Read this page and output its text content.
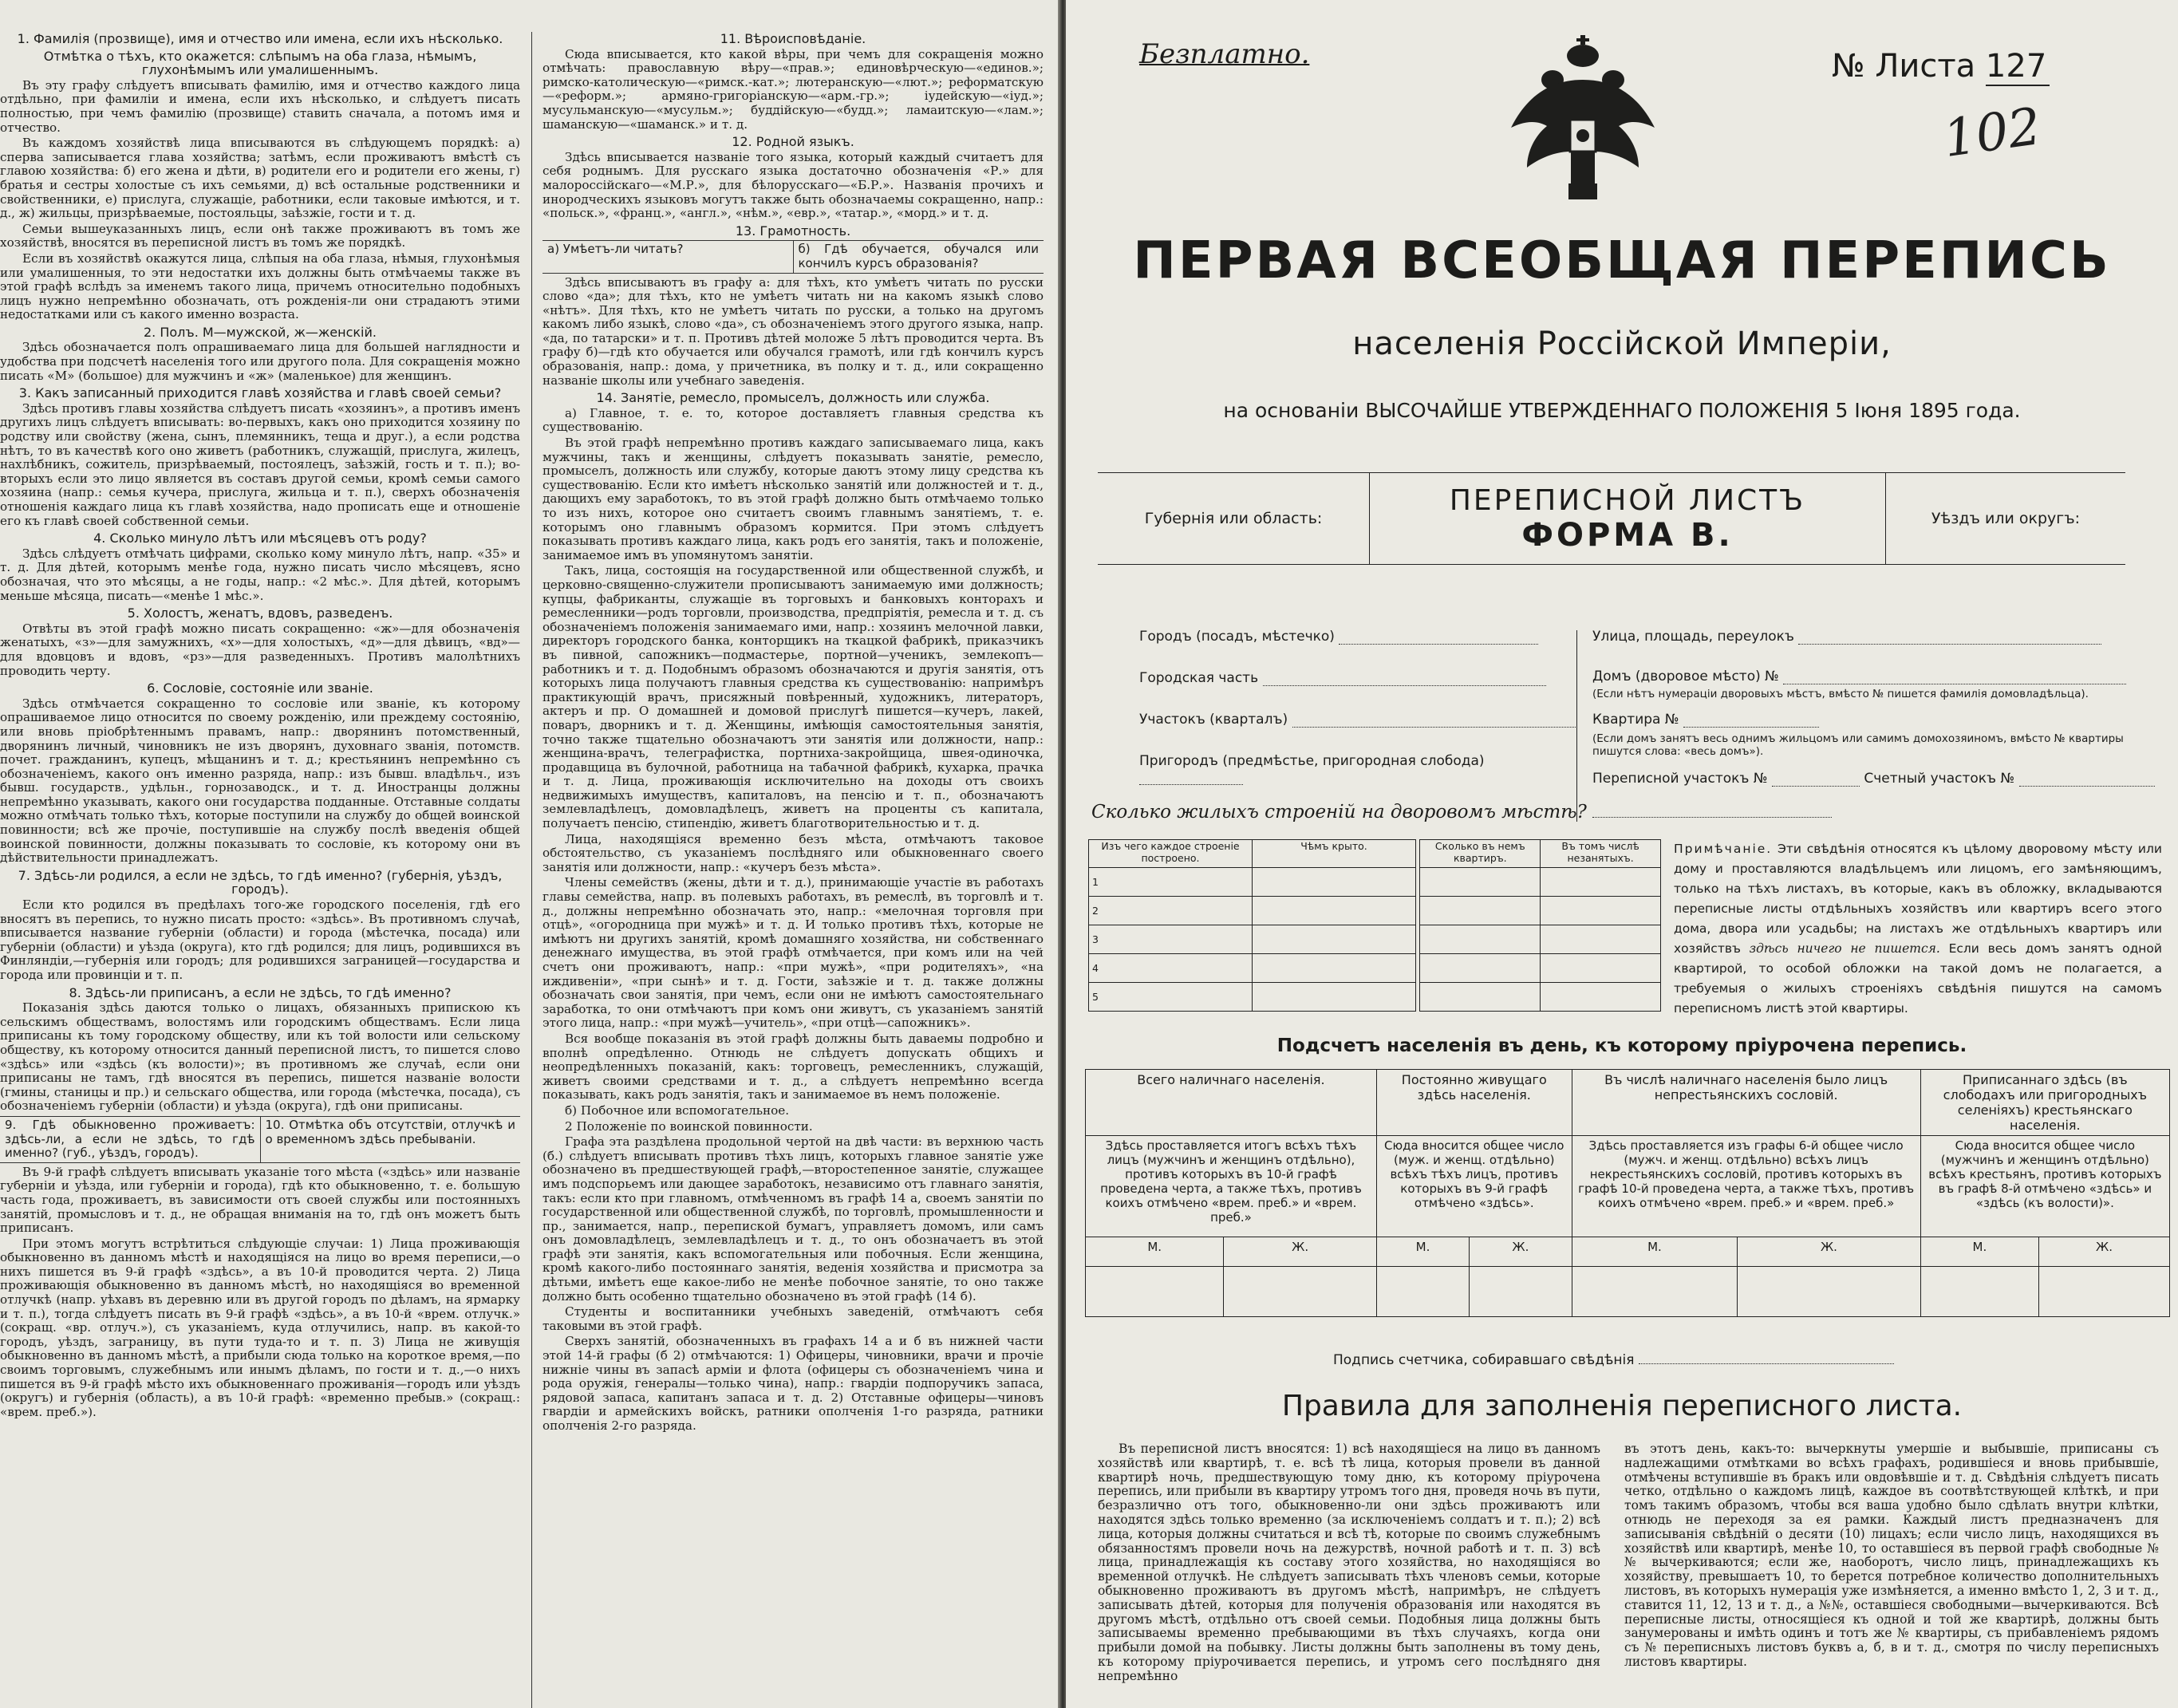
1. Фамилія (прозвище), имя и отчество или имена, если ихъ нѣсколько.
Отмѣтка о тѣхъ, кто окажется: слѣпымъ на оба глаза, нѣмымъ, глухонѣмымъ или умалишеннымъ.

Въ эту графу слѣдуетъ вписывать фамилію, имя и отчество каждого лица отдѣльно, при фамиліи и имена, если ихъ нѣсколько, и слѣдуетъ писать полностью, при чемъ фамилію (прозвище) ставить сначала, а потомъ имя и отчество.

Въ каждомъ хозяйствѣ лица вписываются въ слѣдующемъ порядкѣ: а) сперва записывается глава хозяйства; затѣмъ, если проживаютъ вмѣстѣ съ главою хозяйства: б) его жена и дѣти, в) родители его и родители его жены, г) братья и сестры холостые съ ихъ семьями, д) всѣ остальные родственники и свойственники, е) прислуга, служащіе, работники, если таковые имѣются, и т. д., ж) жильцы, призрѣваемые, постояльцы, заѣзжіе, гости и т. д.

Семьи вышеуказанныхъ лицъ, если онѣ также проживаютъ въ томъ же хозяйствѣ, вносятся въ переписной листъ въ томъ же порядкѣ.

Если въ хозяйствѣ окажутся лица, слѣпыя на оба глаза, нѣмыя, глухонѣмыя или умалишенныя, то эти недостатки ихъ должны быть отмѣчаемы также въ этой графѣ вслѣдъ за именемъ такого лица, причемъ относительно подобныхъ лицъ нужно непремѣнно обозначать, отъ рожденія-ли они страдаютъ этими недостатками или съ какого именно возраста.

2. Полъ. М—мужской, ж—женскій.

Здѣсь обозначается полъ опрашиваемаго лица для большей наглядности и удобства при подсчетѣ населенія того или другого пола. Для сокращенія можно писать «М» (большое) для мужчинъ и «ж» (маленькое) для женщинъ.

3. Какъ записанный приходится главѣ хозяйства и главѣ своей семьи?

Здѣсь противъ главы хозяйства слѣдуетъ писать «хозяинъ», а противъ именъ другихъ лицъ слѣдуетъ вписывать: во-первыхъ, какъ оно приходится хозяину по родству или свойству (жена, сынъ, племянникъ, теща и друг.), а если родства нѣтъ, то въ качествѣ кого оно живетъ (работникъ, служащій, прислуга, жилецъ, нахлѣбникъ, сожитель, призрѣваемый, постоялецъ, заѣзжій, гость и т. п.); во-вторыхъ если это лицо является въ составъ другой семьи, кромѣ семьи самого хозяина (напр.: семья кучера, прислуга, жильца и т. п.), сверхъ обозначенія отношенія каждаго лица къ главѣ хозяйства, надо прописать еще и отношеніе его къ главѣ своей собственной семьи.

4. Сколько минуло лѣтъ или мѣсяцевъ отъ роду?

Здѣсь слѣдуетъ отмѣчать цифрами, сколько кому минуло лѣтъ, напр. «35» и т. д. Для дѣтей, которымъ менѣе года, нужно писать число мѣсяцевъ, ясно обозначая, что это мѣсяцы, а не годы, напр.: «2 мѣс.». Для дѣтей, которымъ меньше мѣсяца, писать—«менѣе 1 мѣс.».

5. Холостъ, женатъ, вдовъ, разведенъ.

Отвѣты въ этой графѣ можно писать сокращенно: «ж»—для обозначенія женатыхъ, «з»—для замужнихъ, «х»—для холостыхъ, «д»—для дѣвицъ, «вд»—для вдовцовъ и вдовъ, «рз»—для разведенныхъ. Противъ малолѣтнихъ проводить черту.

6. Сословіе, состояніе или званіе.

Здѣсь отмѣчается сокращенно то сословіе или званіе, къ которому опрашиваемое лицо относится по своему рожденію, или преждему состоянію, или вновь пріобрѣтеннымъ правамъ, напр.: дворянинъ потомственный, дворянинъ личный, чиновникъ не изъ дворянъ, духовнаго званія, потомств. почет. гражданинъ, купецъ, мѣщанинъ и т. д.; крестьянинъ непремѣнно съ обозначеніемъ, какого онъ именно разряда, напр.: изъ бывш. владѣльч., изъ бывш. государств., удѣльн., горнозаводск., и т. д. Иностранцы должны непремѣнно указывать, какого они государства подданные. Отставные солдаты можно отмѣчать только тѣхъ, которые поступили на службу до общей воинской повинности; всѣ же прочіе, поступившіе на службу послѣ введенія общей воинской повинности, должны показывать то сословіе, къ которому они въ дѣйствительности принадлежатъ.

7. Здѣсь-ли родился, а если не здѣсь, то гдѣ именно? (губернія, уѣздъ, городъ).

Если кто родился въ предѣлахъ того-же городского поселенія, гдѣ его вносятъ въ перепись, то нужно писать просто: «здѣсь». Въ противномъ случаѣ, вписывается название губерніи (области) и города (мѣстечка, посада) или губерніи (области) и уѣзда (округа), кто гдѣ родился; для лицъ, родившихся въ Финляндіи,—губернія или городъ; для родившихся заграницей—государства и города или провинціи и т. п.

8. Здѣсь-ли приписанъ, а если не здѣсь, то гдѣ именно?

Показанія здѣсь даются только о лицахъ, обязанныхъ припискою къ сельскимъ обществамъ, волостямъ или городскимъ обществамъ. Если лица приписаны къ тому городскому обществу, или къ той волости или сельскому обществу, къ которому относится данный переписной листъ, то пишется слово «здѣсь» или «здѣсь (къ волости)»; въ противномъ же случаѣ, если они приписаны не тамъ, гдѣ вносятся въ перепись, пишется названіе волости (гмины, станицы и пр.) и сельскаго общества, или города (мѣстечка, посада), съ обозначеніемъ губерніи (области) и уѣзда (округа), гдѣ они приписаны.

9. Гдѣ обыкновенно проживаетъ: здѣсь-ли, а если не здѣсь, то гдѣ именно? (губ., уѣздъ, городъ).
10. Отмѣтка объ отсутствіи, отлучкѣ и о временномъ здѣсь пребываніи.

Въ 9-й графѣ слѣдуетъ вписывать указаніе того мѣста («здѣсь» или названіе губерніи и уѣзда, или губерніи и города), гдѣ кто обыкновенно, т. е. большую часть года, проживаетъ, въ зависимости отъ своей службы или постоянныхъ занятій, промысловъ и т. д., не обращая вниманія на то, гдѣ онъ можетъ быть приписанъ.

При этомъ могутъ встрѣтиться слѣдующіе случаи: 1) Лица проживающія обыкновенно въ данномъ мѣстѣ и находящіяся на лицо во время переписи,—о нихъ пишется въ 9-й графѣ «здѣсь», а въ 10-й проводится черта. 2) Лица проживающія обыкновенно въ данномъ мѣстѣ, но находящіяся во временной отлучкѣ (напр. уѣхавъ въ деревню или въ другой городъ по дѣламъ, на ярмарку и т. п.), тогда слѣдуетъ писать въ 9-й графѣ «здѣсь», а въ 10-й «врем. отлучк.» (сокращ. «вр. отлуч.»), съ указаніемъ, куда отлучились, напр. въ какой-то городъ, уѣздъ, заграницу, въ пути туда-то и т. п. 3) Лица не живущія обыкновенно въ данномъ мѣстѣ, а прибыли сюда только на короткое время,—по своимъ торговымъ, служебнымъ или инымъ дѣламъ, по гости и т. д.,—о нихъ пишется въ 9-й графѣ мѣсто ихъ обыкновеннаго проживанія—городъ или уѣздъ (округъ) и губернія (область), а въ 10-й графѣ: «временно пребыв.» (сокращ.: «врем. преб.»).

11. Вѣроисповѣданіе.

Сюда вписывается, кто какой вѣры, при чемъ для сокращенія можно отмѣчать: православную вѣру—«прав.»; единовѣрческую—«единов.»; римско-католическую—«римск.-кат.»; лютеранскую—«лют.»; реформатскую—«реформ.»; армяно-григоріанскую—«арм.-гр.»; іудейскую—«іуд.»; мусульманскую—«мусульм.»; буддійскую—«будд.»; ламаитскую—«лам.»; шаманскую—«шаманск.» и т. д.

12. Родной языкъ.

Здѣсь вписывается названіе того языка, который каждый считаетъ для себя роднымъ. Для русскаго языка достаточно обозначенія «Р.» для малороссійскаго—«М.Р.», для бѣлорусскаго—«Б.Р.». Названія прочихъ и инородческихъ языковъ могутъ также быть обозначаемы сокращенно, напр.: «польск.», «франц.», «англ.», «нѣм.», «евр.», «татар.», «морд.» и т. д.

13. Грамотность.
а) Умѣетъ-ли читать?	б) Гдѣ обучается, обучался или кончилъ курсъ образованія?

Здѣсь вписываютъ въ графу а: для тѣхъ, кто умѣетъ читать по русски слово «да»; для тѣхъ, кто не умѣетъ читать ни на какомъ языкѣ слово «нѣтъ». Для тѣхъ, кто не умѣетъ читать по русски, а только на другомъ какомъ либо языкѣ, слово «да», съ обозначеніемъ этого другого языка, напр. «да, по татарски» и т. п. Противъ дѣтей моложе 5 лѣтъ проводится черта. Въ графу б)—гдѣ кто обучается или обучался грамотѣ, или гдѣ кончилъ курсъ образованія, напр.: дома, у причетника, въ полку и т. д., или сокращенно названіе школы или учебнаго заведенія.

14. Занятіе, ремесло, промыселъ, должность или служба.

а) Главное, т. е. то, которое доставляетъ главныя средства къ существованію.

Въ этой графѣ непремѣнно противъ каждаго записываемаго лица, какъ мужчины, такъ и женщины, слѣдуетъ показывать занятіе, ремесло, промыселъ, должность или службу, которые даютъ этому лицу средства къ существованію. Если кто имѣетъ нѣсколько занятій или должностей и т. д., дающихъ ему заработокъ, то въ этой графѣ должно быть отмѣчаемо только то изъ нихъ, которое оно считаетъ своимъ главнымъ занятіемъ, т. е. которымъ оно главнымъ образомъ кормится. При этомъ слѣдуетъ показывать противъ каждаго лица, какъ родъ его занятія, такъ и положеніе, занимаемое имъ въ упомянутомъ занятіи.

Такъ, лица, состоящія на государственной или общественной службѣ, и церковно-священно-служители прописываютъ занимаемую ими должность; купцы, фабриканты, служащіе въ торговыхъ и банковыхъ конторахъ и ремесленники—родъ торговли, производства, предпріятія, ремесла и т. д. съ обозначеніемъ положенія занимаемаго ими, напр.: хозяинъ мелочной лавки, директоръ городского банка, конторщикъ на ткацкой фабрикѣ, приказчикъ въ пивной, сапожникъ—подмастерье, портной—ученикъ, землекопъ—работникъ и т. д. Подобнымъ образомъ обозначаются и другія занятія, отъ которыхъ лица получаютъ главныя средства къ существованію: напримѣръ практикующій врачъ, присяжный повѣренный, художникъ, литераторъ, актеръ и пр. О домашней и домовой прислугѣ пишется—кучеръ, лакей, поваръ, дворникъ и т. д. Женщины, имѣющія самостоятельныя занятія, точно также тщательно обозначаютъ эти занятія или должности, напр.: женщина-врачъ, телеграфистка, портниха-закройщица, швея-одиночка, продавщица въ булочной, работница на табачной фабрикѣ, кухарка, прачка и т. д. Лица, проживающія исключительно на доходы отъ своихъ недвижимыхъ имуществъ, капиталовъ, на пенсію и т. п., обозначаютъ землевладѣлецъ, домовладѣлецъ, живетъ на проценты съ капитала, получаетъ пенсію, стипендію, живетъ благотворительностью и т. д.

Лица, находящіяся временно безъ мѣста, отмѣчаютъ таковое обстоятельство, съ указаніемъ послѣдняго или обыкновеннаго своего занятія или должности, напр.: «кучеръ безъ мѣста».

Члены семействъ (жены, дѣти и т. д.), принимающіе участіе въ работахъ главы семейства, напр. въ полевыхъ работахъ, въ ремеслѣ, въ торговлѣ и т. д., должны непремѣнно обозначать это, напр.: «мелочная торговля при отцѣ», «огородница при мужѣ» и т. д. И только противъ тѣхъ, которые не имѣютъ ни другихъ занятій, кромѣ домашняго хозяйства, ни собственнаго денежнаго имущества, въ этой графѣ отмѣчается, при комъ или на чей счетъ они проживаютъ, напр.: «при мужѣ», «при родителяхъ», «на иждивеніи», «при сынѣ» и т. д. Гости, заѣзжіе и т. д. также должны обозначать свои занятія, при чемъ, если они не имѣютъ самостоятельнаго заработка, то они отмѣчаютъ при комъ они живутъ, съ указаніемъ занятій этого лица, напр.: «при мужѣ—учитель», «при отцѣ—сапожникъ».

Вся вообще показанія въ этой графѣ должны быть даваемы подробно и вполнѣ опредѣленно. Отнюдь не слѣдуетъ допускать общихъ и неопредѣленныхъ показаній, какъ: торговецъ, ремесленникъ, служащій, живетъ своими средствами и т. д., а слѣдуетъ непремѣнно всегда показывать, какъ родъ занятія, такъ и занимаемое въ немъ положеніе.

б) Побочное или вспомогательное.

2 Положеніе по воинской повинности.

Графа эта раздѣлена продольной чертой на двѣ части: въ верхнюю часть (б.) слѣдуетъ вписывать противъ тѣхъ лицъ, которыхъ главное занятіе уже обозначено въ предшествующей графѣ,—второстепенное занятіе, служащее имъ подспорьемъ или дающее заработокъ, независимо отъ главнаго занятія, такъ: если кто при главномъ, отмѣченномъ въ графѣ 14 а, своемъ занятіи по государственной или общественной службѣ, по торговлѣ, промышленности и пр., занимается, напр., перепиской бумагъ, управляетъ домомъ, или самъ онъ домовладѣлецъ, землевладѣлецъ и т. д., то онъ обозначаетъ въ этой графѣ эти занятія, какъ вспомогательныя или побочныя. Если женщина, кромѣ какого-либо постояннаго занятія, веденія хозяйства и присмотра за дѣтьми, имѣетъ еще какое-либо не менѣе побочное занятіе, то оно также должно быть особенно тщательно обозначено въ этой графѣ (14 б).

Студенты и воспитанники учебныхъ заведеній, отмѣчаютъ себя таковыми въ этой графѣ.

Сверхъ занятій, обозначенныхъ въ графахъ 14 а и б въ нижней части этой 14-й графы (б 2) отмѣчаются: 1) Офицеры, чиновники, врачи и прочіе нижніе чины въ запасѣ арміи и флота (офицеры съ обозначеніемъ чина и рода оружія, генералы—только чина), напр.: гвардіи подпоручикъ запаса, рядовой запаса, капитанъ запаса и т. д. 2) Отставные офицеры—чиновъ гвардіи и армейскихъ войскъ, ратники ополченія 1-го разряда, ратники ополченія 2-го разряда.

Безплатно.	№ Листа 127
102
ПЕРВАЯ ВСЕОБЩАЯ ПЕРЕПИСЬ
населенія Россійской Имперіи,
на основаніи ВЫСОЧАЙШЕ УТВЕРЖДЕННАГО ПОЛОЖЕНІЯ 5 Іюня 1895 года.
Губернія или область:
ПЕРЕПИСНОЙ ЛИСТЪ
ФОРМА В.	Уѣздъ или округъ:
Городъ (посадъ, мѣстечко)
Городская часть
Участокъ (кварталъ)
Пригородъ (предмѣстье, пригородная слобода)
Улица, площадь, переулокъ
Домъ (дворовое мѣсто) №
(Если нѣтъ нумераціи дворовыхъ мѣстъ, вмѣсто № пишется фамилія домовладѣльца).
Квартира №
(Если домъ занятъ весь однимъ жильцомъ или самимъ домохозяиномъ, вмѣсто № квартиры пишутся слова: «весь домъ»).
Переписной участокъ №	Счетный участокъ №
Сколько жилыхъ строеній на дворовомъ мѣстѣ?
Изъ чего каждое строеніе построено.	Чѣмъ крыто.		Сколько въ немъ квартиръ.	Въ томъ числѣ незанятыхъ.
1				
2				
3				
4				
5				
Примѣчаніе. Эти свѣдѣнія относятся къ цѣлому дворовому мѣсту или дому и проставляются владѣльцемъ или лицомъ, его замѣняющимъ, только на тѣхъ листахъ, въ которые, какъ въ обложку, вкладываются переписные листы отдѣльныхъ хозяйствъ или квартиръ всего этого дома, двора или усадьбы; на листахъ же отдѣльныхъ квартиръ или хозяйствъ здѣсь ничего не пишется. Если весь домъ занятъ одной квартирой, то особой обложки на такой домъ не полагается, а требуемыя о жилыхъ строеніяхъ свѣдѣнія пишутся на самомъ переписномъ листѣ этой квартиры.
Подсчетъ населенія въ день, къ которому пріурочена перепись.
Всего наличнаго населенія.		Постоянно живущаго здѣсь населенія.		Въ числѣ наличнаго населенія было лицъ непрестьянскихъ сословій.		Приписаннаго здѣсь (въ слободахъ или пригородныхъ селеніяхъ) крестьянскаго населенія.	
Здѣсь проставляется итогъ всѣхъ тѣхъ лицъ (мужчинъ и женщинъ отдѣльно), противъ которыхъ въ 10-й графѣ проведена черта, а также тѣхъ, противъ коихъ отмѣчено «врем. преб.» и «врем. преб.»		Сюда вносится общее число (муж. и женщ. отдѣльно) всѣхъ тѣхъ лицъ, противъ которыхъ въ 9-й графѣ отмѣчено «здѣсь».		Здѣсь проставляется изъ графы 6-й общее число (мужч. и женщ. отдѣльно) всѣхъ лицъ некрестьянскихъ сословій, противъ которыхъ въ графѣ 10-й проведена черта, а также тѣхъ, противъ коихъ отмѣчено «врем. преб.» и «врем. преб.»		Сюда вносится общее число (мужчинъ и женщинъ отдѣльно) всѣхъ крестьянъ, противъ которыхъ въ графѣ 8-й отмѣчено «здѣсь» и «здѣсь (къ волости)».	
М.	Ж.	М.	Ж.	М.	Ж.	М.	Ж.

Подпись счетчика, собиравшаго свѣдѣнія
Правила для заполненія переписного листа.

Въ переписной листъ вносятся: 1) всѣ находящіеся на лицо въ данномъ хозяйствѣ или квартирѣ, т. е. всѣ тѣ лица, которыя провели въ данной квартирѣ ночь, предшествующую тому дню, къ которому пріурочена перепись, или прибыли въ квартиру утромъ того дня, проведя ночь въ пути, безразлично отъ того, обыкновенно-ли они здѣсь проживаютъ или находятся здѣсь только временно (за исключеніемъ солдатъ и т. п.); 2) всѣ лица, которыя должны считаться и всѣ тѣ, которые по своимъ служебнымъ обязанностямъ провели ночь на дежурствѣ, ночной работѣ и т. п. 3) всѣ лица, принадлежащія къ составу этого хозяйства, но находящіяся во временной отлучкѣ. Не слѣдуетъ записывать тѣхъ членовъ семьи, которые обыкновенно проживаютъ въ другомъ мѣстѣ, напримѣръ, не слѣдуетъ записывать дѣтей, которыя для полученія образованія или находятся въ другомъ мѣстѣ, отдѣльно отъ своей семьи. Подобныя лица должны быть записываемы временно пребывающими въ тѣхъ случаяхъ, когда они прибыли домой на побывку. Листы должны быть заполнены въ тому день, къ которому пріурочивается перепись, и утромъ сего послѣдняго дня непремѣнно

въ этотъ день, какъ-то: вычеркнуты умершіе и выбывшіе, приписаны съ надлежащими отмѣтками во всѣхъ графахъ, родившіеся и вновь прибывшіе, отмѣчены вступившіе въ бракъ или овдовѣвшіе и т. д. Свѣдѣнія слѣдуетъ писать четко, отдѣльно о каждомъ лицѣ, каждое въ соотвѣтствующей клѣткѣ, и при томъ такимъ образомъ, чтобы вся ваша удобно было сдѣлать внутри клѣтки, отнюдь не переходя за ея рамки. Каждый листъ предназначенъ для записыванія свѣдѣній о десяти (10) лицахъ; если число лицъ, находящихся въ хозяйствѣ или квартирѣ, менѣе 10, то оставшіеся въ первой графѣ свободные №№ вычеркиваются; если же, наоборотъ, число лицъ, принадлежащихъ къ хозяйству, превышаетъ 10, то берется потребное количество дополнительныхъ листовъ, въ которыхъ нумерація уже измѣняется, а именно вмѣсто 1, 2, 3 и т. д., ставится 11, 12, 13 и т. д., а №№, оставшіеся свободными—вычеркиваются. Всѣ переписные листы, относящіеся къ одной и той же квартирѣ, должны быть занумерованы и имѣть одинъ и тотъ же № квартиры, съ прибавленіемъ рядомъ съ № переписныхъ листовъ буквъ а, б, в и т. д., смотря по числу переписныхъ листовъ квартиры.
